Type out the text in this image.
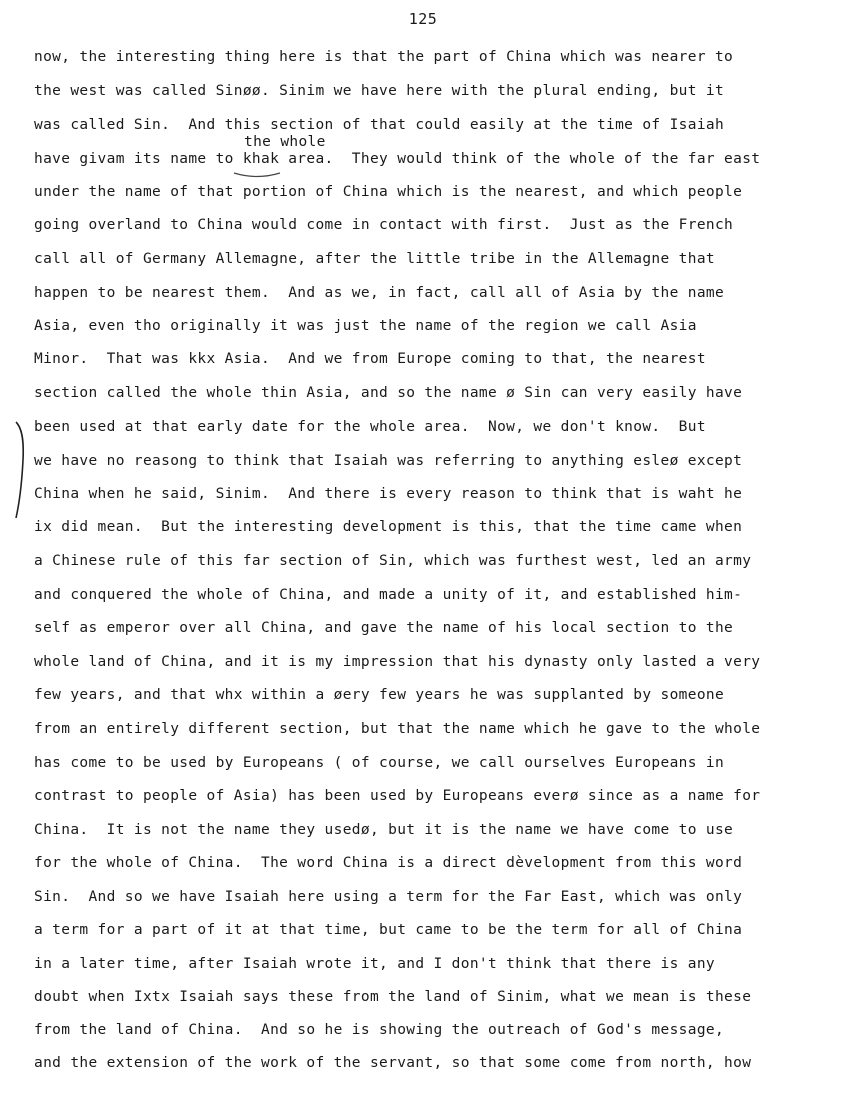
125
the whole
now, the interesting thing here is that the part of China which was nearer to
the west was called Sinøø. Sinim we have here with the plural ending, but it
was called Sin.  And this section of that could easily at the time of Isaiah
have givam its name to khak area.  They would think of the whole of the far east
under the name of that portion of China which is the nearest, and which people
going overland to China would come in contact with first.  Just as the French
call all of Germany Allemagne, after the little tribe in the Allemagne that
happen to be nearest them.  And as we, in fact, call all of Asia by the name
Asia, even tho originally it was just the name of the region we call Asia
Minor.  That was kkx Asia.  And we from Europe coming to that, the nearest
section called the whole thin Asia, and so the name ø Sin can very easily have
been used at that early date for the whole area.  Now, we don't know.  But
we have no reasong to think that Isaiah was referring to anything esleø except
China when he said, Sinim.  And there is every reason to think that is waht he
ix did mean.  But the interesting development is this, that the time came when
a Chinese rule of this far section of Sin, which was furthest west, led an army
and conquered the whole of China, and made a unity of it, and established him-
self as emperor over all China, and gave the name of his local section to the
whole land of China, and it is my impression that his dynasty only lasted a very
few years, and that whx within a øery few years he was supplanted by someone
from an entirely different section, but that the name which he gave to the whole
has come to be used by Europeans ( of course, we call ourselves Europeans in
contrast to people of Asia) has been used by Europeans everø since as a name for
China.  It is not the name they usedø, but it is the name we have come to use
for the whole of China.  The word China is a direct dèvelopment from this word
Sin.  And so we have Isaiah here using a term for the Far East, which was only
a term for a part of it at that time, but came to be the term for all of China
in a later time, after Isaiah wrote it, and I don't think that there is any
doubt when Ixtx Isaiah says these from the land of Sinim, what we mean is these
from the land of China.  And so he is showing the outreach of God's message,
and the extension of the work of the servant, so that some come from north, how
